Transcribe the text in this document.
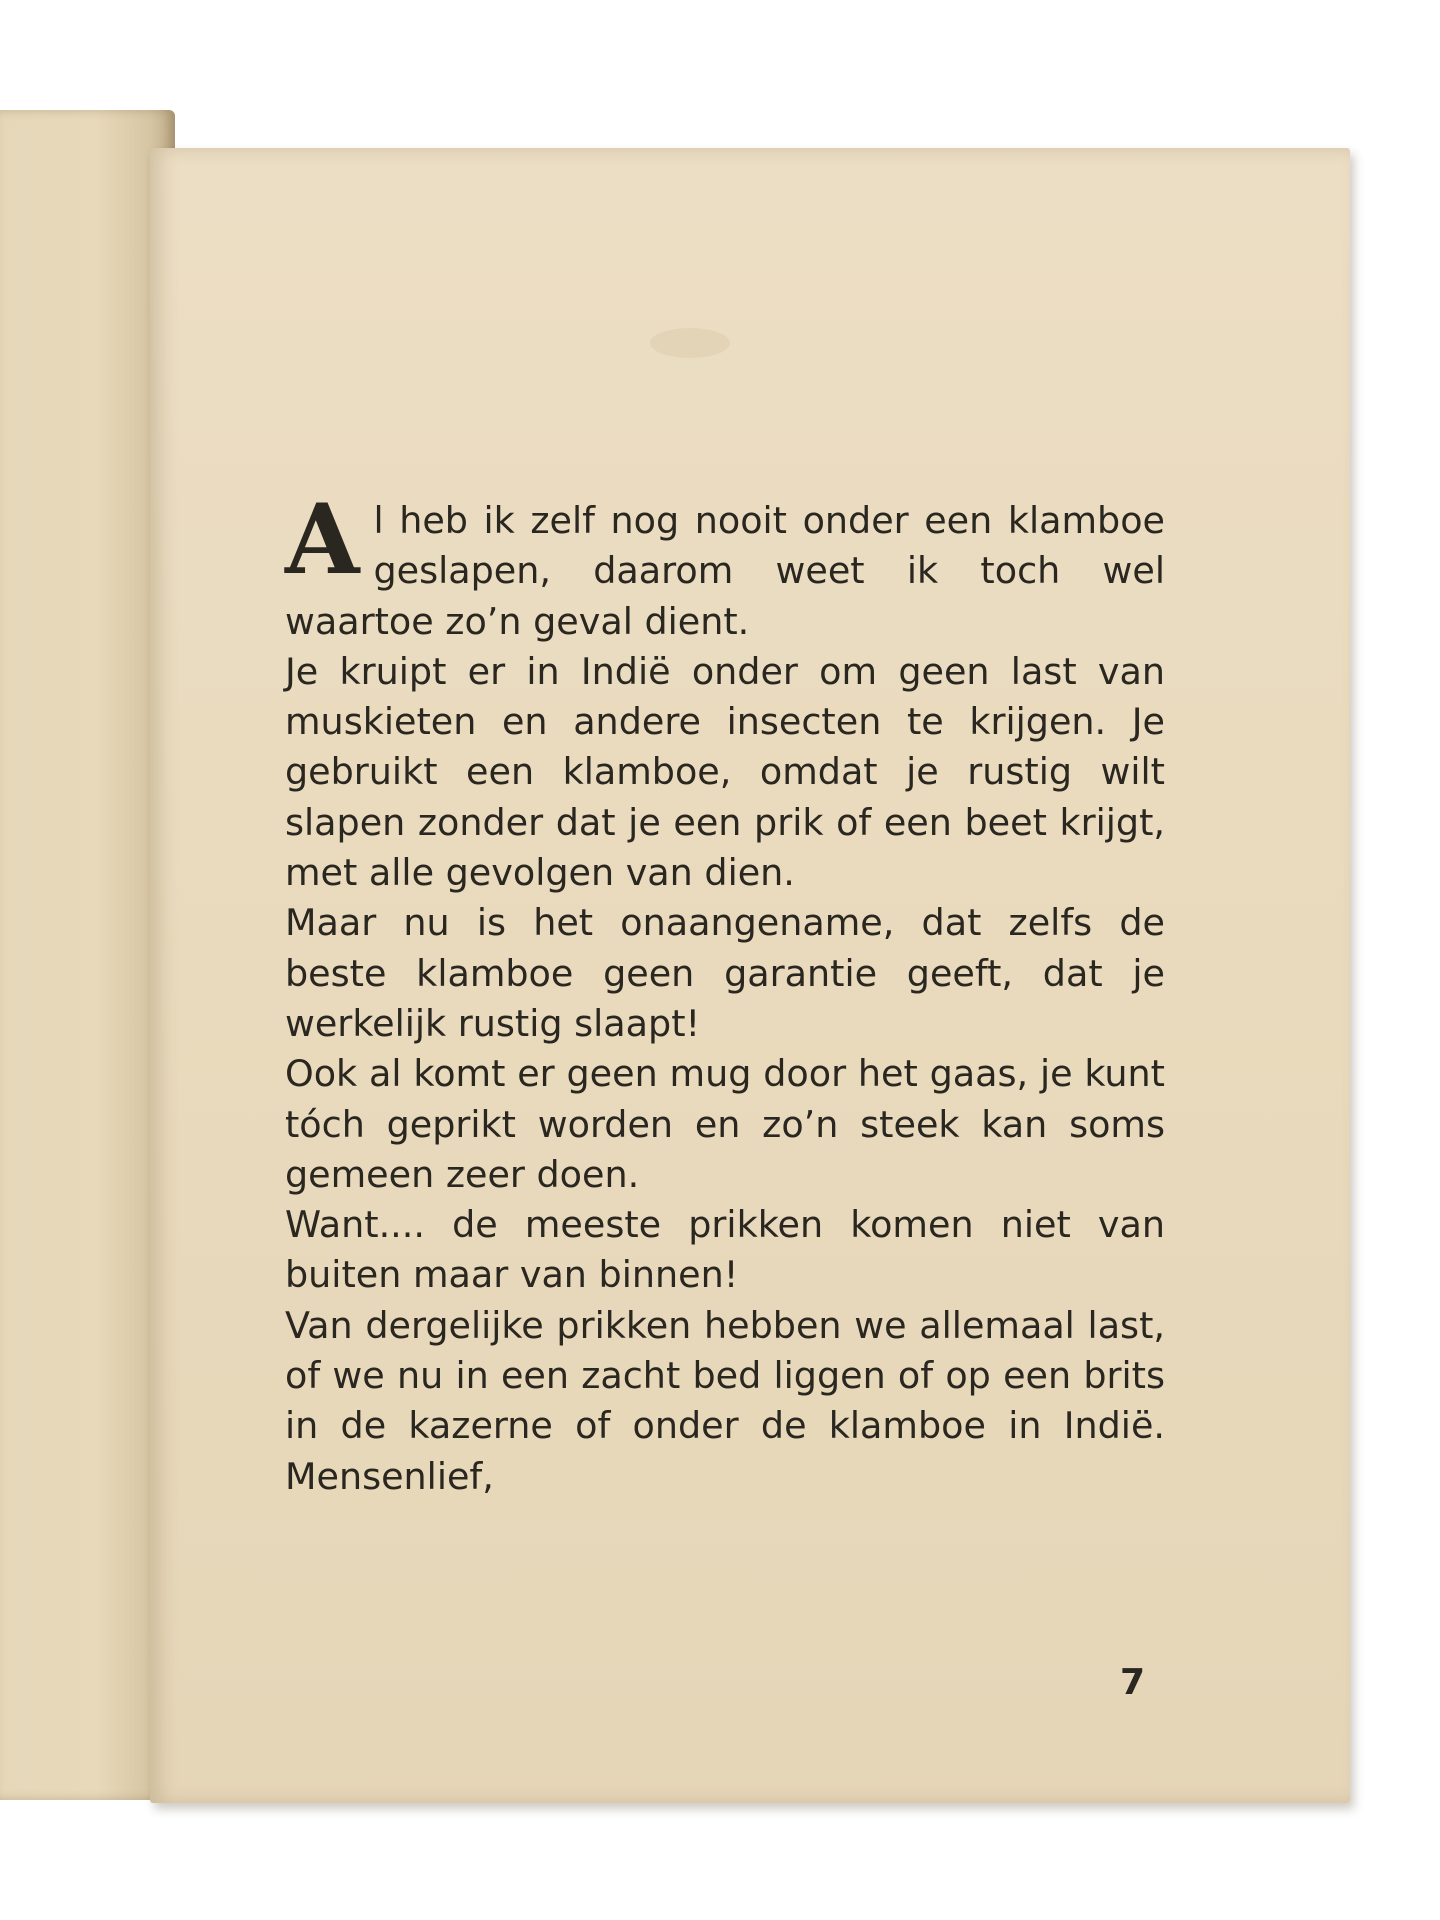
A l heb ik zelf nog nooit onder een klamboe geslapen, daarom weet ik toch wel waartoe zo’n geval dient.

Je kruipt er in Indië onder om geen last van muskieten en andere insecten te krijgen. Je gebruikt een klamboe, omdat je rustig wilt slapen zonder dat je een prik of een beet krijgt, met alle gevolgen van dien.

Maar nu is het onaangename, dat zelfs de beste klamboe geen garantie geeft, dat je werkelijk rustig slaapt!

Ook al komt er geen mug door het gaas, je kunt tóch geprikt worden en zo’n steek kan soms gemeen zeer doen.

Want.... de meeste prikken komen niet van buiten maar van binnen!

Van dergelijke prikken hebben we allemaal last, of we nu in een zacht bed liggen of op een brits in de kazerne of onder de klamboe in Indië. Mensenlief,

7
